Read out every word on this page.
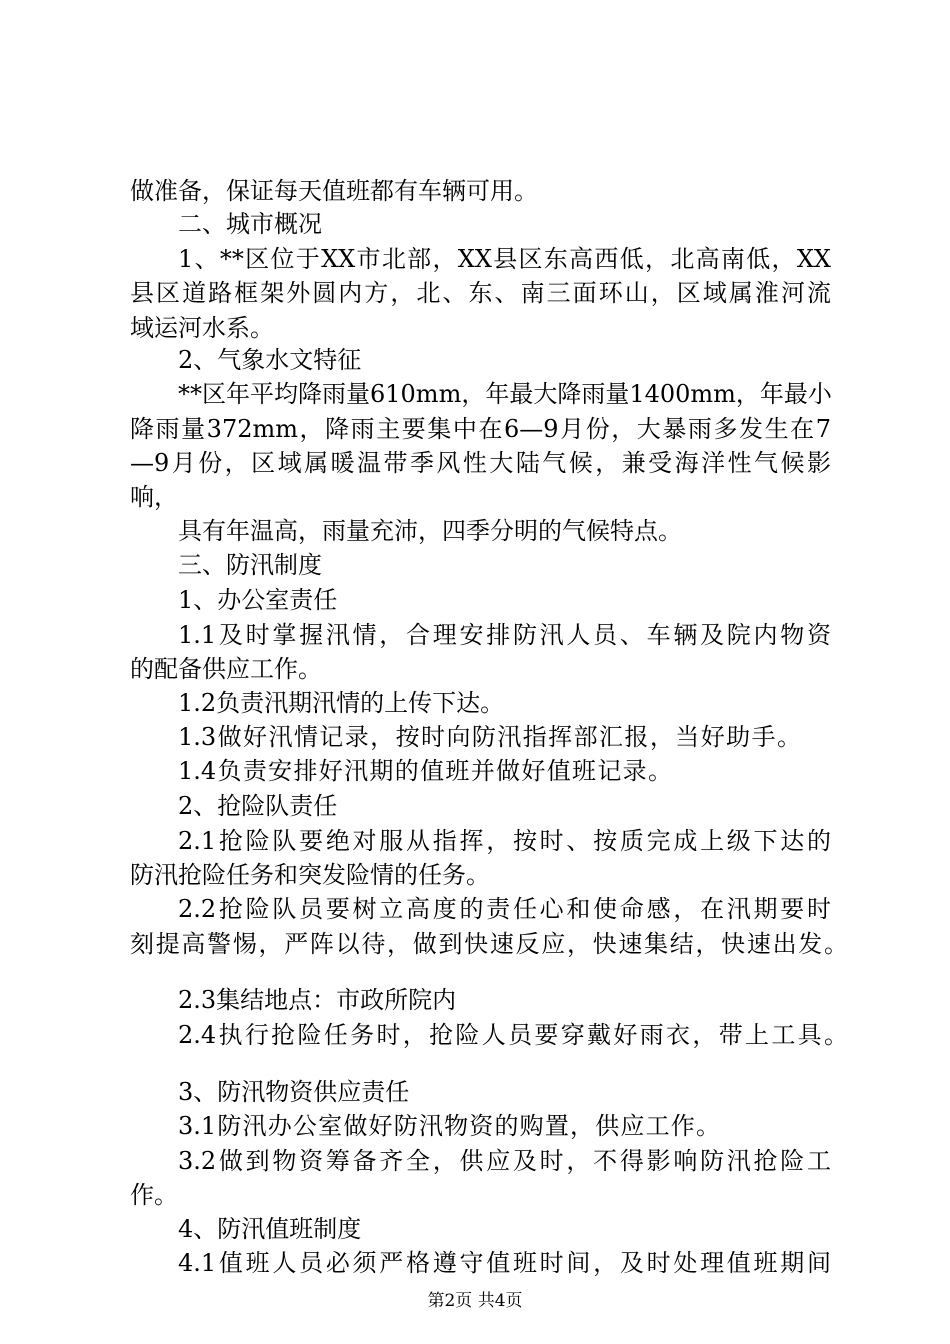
做准备，保证每天值班都有车辆可用。
二、城市概况
1、**区位于XX市北部，XX县区东高西低，北高南低，XX
县区道路框架外圆内方，北、东、南三面环山，区域属淮河流
域运河水系。
2、气象水文特征
**区年平均降雨量610mm，年最大降雨量1400mm，年最小
降雨量372mm，降雨主要集中在6—9月份，大暴雨多发生在7
—9月份，区域属暖温带季风性大陆气候，兼受海洋性气候影
响，
具有年温高，雨量充沛，四季分明的气候特点。
三、防汛制度
1、办公室责任
1.1及时掌握汛情，合理安排防汛人员、车辆及院内物资
的配备供应工作。
1.2负责汛期汛情的上传下达。
1.3做好汛情记录，按时向防汛指挥部汇报，当好助手。
1.4负责安排好汛期的值班并做好值班记录。
2、抢险队责任
2.1抢险队要绝对服从指挥，按时、按质完成上级下达的
防汛抢险任务和突发险情的任务。
2.2抢险队员要树立高度的责任心和使命感，在汛期要时
刻提高警惕，严阵以待，做到快速反应，快速集结，快速出发。
2.3集结地点：市政所院内
2.4执行抢险任务时，抢险人员要穿戴好雨衣，带上工具。
3、防汛物资供应责任
3.1防汛办公室做好防汛物资的购置，供应工作。
3.2做到物资筹备齐全，供应及时，不得影响防汛抢险工
作。
4、防汛值班制度
4.1值班人员必须严格遵守值班时间，及时处理值班期间
第2页 共4页
